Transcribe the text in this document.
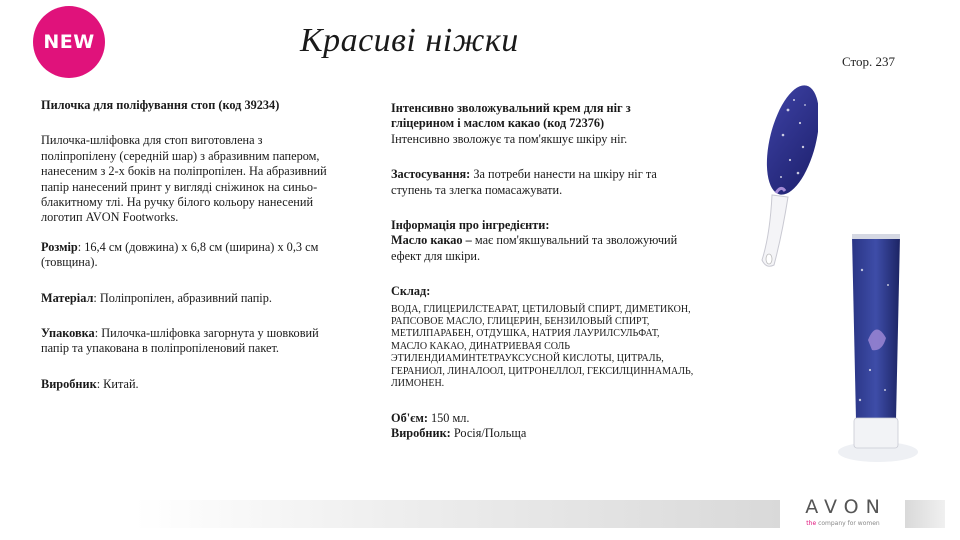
NEW	Красиві ніжки
Стор. 237

Пилочка для поліфування стоп (код 39234)

Пилочка-шліфовка для стоп виготовлена з

поліпропілену (середній шар) з абразивним папером,

нанесеним з 2-х боків на поліпропілен. На абразивний

папір нанесений принт у вигляді сніжинок на синьо-

блакитному тлі. На ручку білого кольору нанесений

логотип AVON Footworks.

Розмір: 16,4 см (довжина) х 6,8 см (ширина) х 0,3 см

(товщина).

Матеріал: Поліпропілен, абразивний папір.

Упаковка: Пилочка-шліфовка загорнута у шовковий

папір та упакована в поліпропіленовий пакет.

Виробник: Китай.

Інтенсивно зволожувальний крем для ніг з

гліцерином і маслом какао (код 72376)

Інтенсивно зволожує та пом'якшує шкіру ніг.

Застосування: За потреби нанести на шкіру ніг та

ступень та злегка помасажувати.

Інформація про інгредієнти:

Масло какао – має пом'якшувальний та зволожуючий

ефект для шкіри.

Склад:

ВОДА, ГЛИЦЕРИЛСТЕАРАТ, ЦЕТИЛОВЫЙ СПИРТ, ДИМЕТИКОН,

РАПСОВОЕ МАСЛО, ГЛИЦЕРИН, БЕНЗИЛОВЫЙ СПИРТ,

МЕТИЛПАРАБЕН, ОТДУШКА, НАТРИЯ ЛАУРИЛСУЛЬФАТ,

МАСЛО КАКАО, ДИНАТРИЕВАЯ СОЛЬ

ЭТИЛЕНДИАМИНТЕТРАУКСУСНОЙ КИСЛОТЫ, ЦИТРАЛЬ,

ГЕРАНИОЛ, ЛИНАЛООЛ, ЦИТРОНЕЛЛОЛ, ГЕКСИЛЦИННАМАЛЬ,

ЛИМОНЕН.

Об'єм: 150 мл.

Виробник: Росія/Польща

AVON
the company for women
